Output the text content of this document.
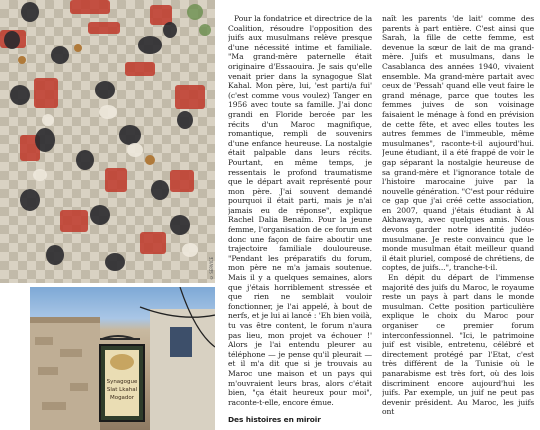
© SERVICE
Synagogue
Slat Lkahal
Mogador

Pour la fondatrice et directrice de la Coalition, résoudre l'opposition des juifs aux musulmans relève presque d'une nécessité intime et familiale. "Ma grand-mère paternelle était originaire d'Essaouira. Je sais qu'elle venait prier dans la synagogue Slat Kahal. Mon père, lui, 'est parti/a fui' (c'est comme vous voulez) Tanger en 1956 avec toute sa famille. J'ai donc grandi en Floride bercée par les récits d'un Maroc magnifique, romantique, rempli de souvenirs d'une enfance heureuse. La nostalgie était palpable dans leurs récits. Pourtant, en même temps, je ressentais le profond traumatisme que le départ avait représenté pour mon père. J'ai souvent demandé pourquoi il était parti, mais je n'ai jamais eu de réponse", explique Rachel Dalia Benaïm. Pour la jeune femme, l'organisation de ce forum est donc une façon de faire aboutir une trajectoire familiale douloureuse. "Pendant les préparatifs du forum, mon père ne m'a jamais soutenue. Mais il y a quelques semaines, alors que j'étais horriblement stressée et que rien ne semblait vouloir fonctionner, je l'ai appelé, à bout de nerfs, et je lui ai lancé : 'Eh bien voilà, tu vas être content, le forum n'aura pas lieu, mon projet va échouer !' Alors je l'ai entendu pleurer au téléphone — je pense qu'il pleurait — et il m'a dit que si je trouvais au Maroc une maison et un pays qui m'ouvraient leurs bras, alors c'était bien, "ça était heureux pour moi", raconte-t-elle, encore émue.

Des histoires en miroir

naît les parents 'de lait' comme des parents à part entière. C'est ainsi que Sarah, la fille de cette femme, est devenue la sœur de lait de ma grand-mère. Juifs et musulmans, dans le Casablanca des années 1940, vivaient ensemble. Ma grand-mère partait avec ceux de 'Pessah' quand elle veut faire le grand ménage, parce que toutes les femmes juives de son voisinage faisaient le ménage à fond en prévision de cette fête, et avec elles toutes les autres femmes de l'immeuble, même musulmanes", raconte-t-il aujourd'hui. Jeune étudiant, il a été frappé de voir le gap séparant la nostalgie heureuse de sa grand-mère et l'ignorance totale de l'histoire marocaine juive par la nouvelle génération. "C'est pour réduire ce gap que j'ai créé cette association, en 2007, quand j'étais étudiant à Al Akhawayn, avec quelques amis. Nous devons garder notre identité judéo-musulmane. Je reste convaincu que le monde musulman était meilleur quand il était pluriel, composé de chrétiens, de coptes, de juifs...", tranche-t-il.

En dépit du départ de l'immense majorité des juifs du Maroc, le royaume reste un pays à part dans le monde musulman. Cette position particulière explique le choix du Maroc pour organiser ce premier forum interconfessionnel. "Ici, le patrimoine juif est visible, entretenu, célébré et directement protégé par l'Etat, c'est très différent de la Tunisie où le panarabisme est très fort, où des lois discriminent encore aujourd'hui les juifs. Par exemple, un juif ne peut pas devenir président. Au Maroc, les juifs ont
